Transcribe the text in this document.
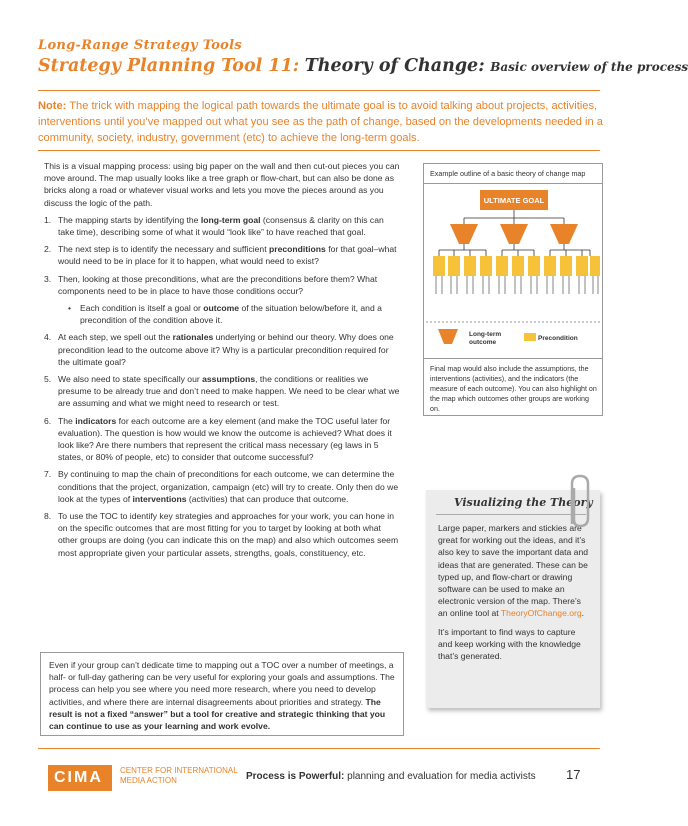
Long-Range Strategy Tools
Strategy Planning Tool 11: Theory of Change: Basic overview of the process
Note: The trick with mapping the logical path towards the ultimate goal is to avoid talking about projects, activities, interventions until you’ve mapped out what you see as the path of change, based on the developments needed in a community, society, industry, government (etc) to achieve the long-term goals.

This is a visual mapping process: using big paper on the wall and then cut-out pieces you can move around. The map usually looks like a tree graph or flow-chart, but can also be done as bricks along a road or whatever visual works and lets you move the pieces around as you discuss the logic of the path.

1. The mapping starts by identifying the long-term goal (consensus & clarity on this can take time), describing some of what it would “look like” to have reached that goal.
2. The next step is to identify the necessary and sufficient preconditions for that goal–what would need to be in place for it to happen, what would need to exist?
3. Then, looking at those preconditions, what are the preconditions before them? What components need to be in place to have those conditions occur?
• Each condition is itself a goal or outcome of the situation below/before it, and a precondition of the condition above it.
4. At each step, we spell out the rationales underlying or behind our theory. Why does one precondition lead to the outcome above it? Why is a particular precondition required for the ultimate goal?
5. We also need to state specifically our assumptions, the conditions or realities we presume to be already true and don’t need to make happen. We need to be clear what we are assuming and what we might need to research or test.
6. The indicators for each outcome are a key element (and make the TOC useful later for evaluation). The question is how would we know the outcome is achieved? What does it look like? Are there numbers that represent the critical mass necessary (eg laws in 5 states, or 80% of people, etc) to consider that outcome successful?
7. By continuing to map the chain of preconditions for each outcome, we can determine the conditions that the project, organization, campaign (etc) will try to create. Only then do we look at the types of interventions (activities) that can produce that outcome.
8. To use the TOC to identify key strategies and approaches for your work, you can hone in on the specific outcomes that are most fitting for you to target by looking at both what other groups are doing (you can indicate this on the map) and also which outcomes seem most appropriate given your particular assets, strengths, goals, constituency, etc.
Even if your group can’t dedicate time to mapping out a TOC over a number of meetings, a half- or full-day gathering can be very useful for exploring your goals and assumptions. The process can help you see where you need more research, where you need to develop activities, and where there are internal disagreements about priorities and strategy. The result is not a fixed “answer” but a tool for creative and strategic thinking that you can continue to use as your learning and work evolve.
Example outline of a basic theory of change map
Long-term
outcome
Precondition
Final map would also include the assumptions, the interventions (activities), and the indicators (the measure of each outcome). You can also highlight on the map which outcomes other groups are working on.
ULTIMATE GOAL
Visualizing the Theory

Large paper, markers and stickies are great for working out the ideas, and it’s also key to save the important data and ideas that are generated. These can be typed up, and flow-chart or drawing software can be used to make an electronic version of the map. There’s an online tool at TheoryOfChange.org.

It’s important to find ways to capture and keep working with the knowledge that’s generated.

CIMA	CENTER FOR INTERNATIONAL
MEDIA ACTION	Process is Powerful: planning and evaluation for media activists 17
